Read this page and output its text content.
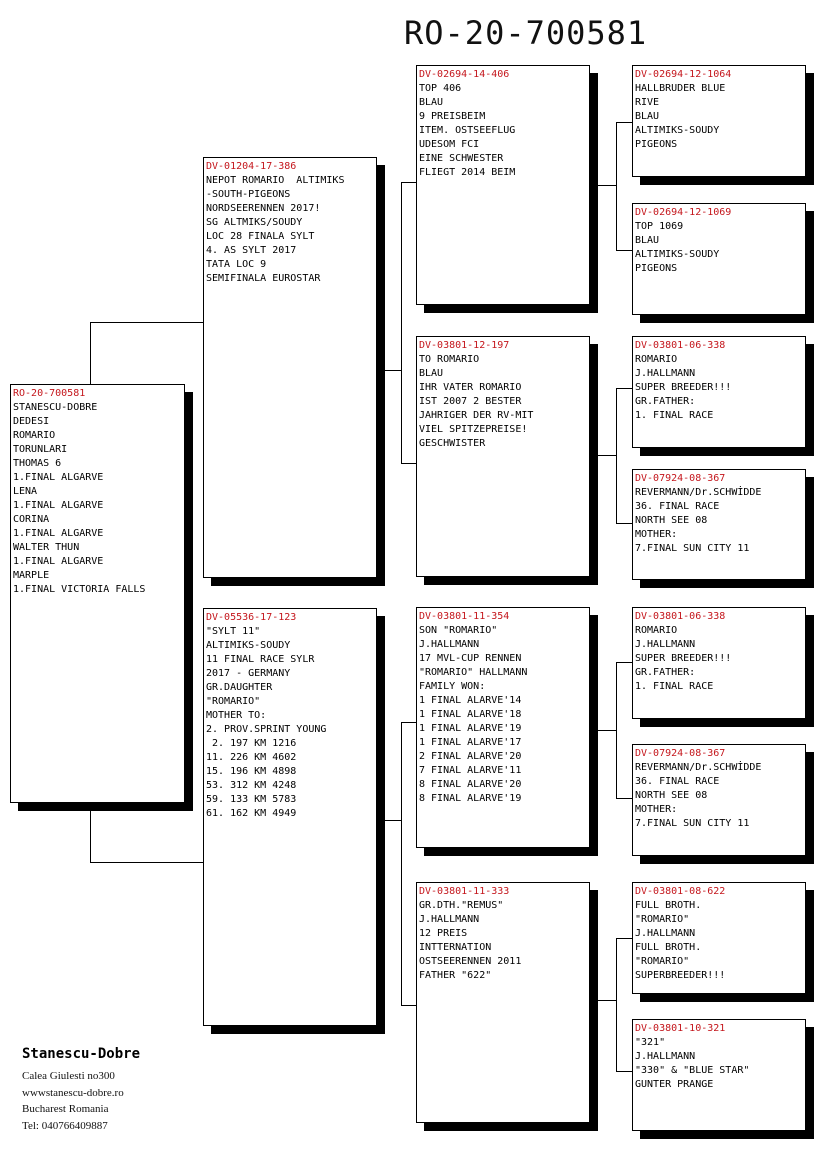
RO-20-700581
RO-20-700581
STANESCU-DOBRE
DEDESI
ROMARIO
TORUNLARI
THOMAS 6
1.FINAL ALGARVE
LENA
1.FINAL ALGARVE
CORINA
1.FINAL ALGARVE
WALTER THUN
1.FINAL ALGARVE
MARPLE
1.FINAL VICTORIA FALLS
DV-01204-17-386
NEPOT ROMARIO  ALTIMIKS
-SOUTH-PIGEONS
NORDSEERENNEN 2017!
SG ALTMIKS/SOUDY
LOC 28 FINALA SYLT
4. AS SYLT 2017
TATA LOC 9
SEMIFINALA EUROSTAR
DV-05536-17-123
"SYLT 11"
ALTIMIKS-SOUDY
11 FINAL RACE SYLR
2017 - GERMANY
GR.DAUGHTER
"ROMARIO"
MOTHER TO:
2. PROV.SPRINT YOUNG
2. 197 KM 1216
11. 226 KM 4602
15. 196 KM 4898
53. 312 KM 4248
59. 133 KM 5783
61. 162 KM 4949
DV-02694-14-406
TOP 406
BLAU
9 PREISBEIM
ITEM. OSTSEEFLUG
UDESOM FCI
EINE SCHWESTER
FLIEGT 2014 BEIM
DV-03801-12-197
TO ROMARIO
BLAU
IHR VATER ROMARIO
IST 2007 2 BESTER
JAHRIGER DER RV-MIT
VIEL SPITZEPREISE!
GESCHWISTER
DV-03801-11-354
SON "ROMARIO"
J.HALLMANN
17 MVL-CUP RENNEN
"ROMARIO" HALLMANN
FAMILY WON:
1 FINAL ALARVE'14
1 FINAL ALARVE'18
1 FINAL ALARVE'19
1 FINAL ALARVE'17
2 FINAL ALARVE'20
7 FINAL ALARVE'11
8 FINAL ALARVE'20
8 FINAL ALARVE'19
DV-03801-11-333
GR.DTH."REMUS"
J.HALLMANN
12 PREIS
INTTERNATION
OSTSEERENNEN 2011
FATHER "622"
DV-02694-12-1064
HALLBRUDER BLUE
RIVE
BLAU
ALTIMIKS-SOUDY
PIGEONS
DV-02694-12-1069
TOP 1069
BLAU
ALTIMIKS-SOUDY
PIGEONS
DV-03801-06-338
ROMARIO
J.HALLMANN
SUPER BREEDER!!!
GR.FATHER:
1. FINAL RACE
DV-07924-08-367
REVERMANN/Dr.SCHWİDDE
36. FINAL RACE
NORTH SEE 08
MOTHER:
7.FINAL SUN CITY 11
DV-03801-06-338
ROMARIO
J.HALLMANN
SUPER BREEDER!!!
GR.FATHER:
1. FINAL RACE
DV-07924-08-367
REVERMANN/Dr.SCHWİDDE
36. FINAL RACE
NORTH SEE 08
MOTHER:
7.FINAL SUN CITY 11
DV-03801-08-622
FULL BROTH.
"ROMARIO"
J.HALLMANN
FULL BROTH.
"ROMARIO"
SUPERBREEDER!!!
DV-03801-10-321
"321"
J.HALLMANN
"330" & "BLUE STAR"
GUNTER PRANGE
Stanescu-Dobre
Calea Giulesti no300
wwwstanescu-dobre.ro
Bucharest Romania
Tel: 040766409887
